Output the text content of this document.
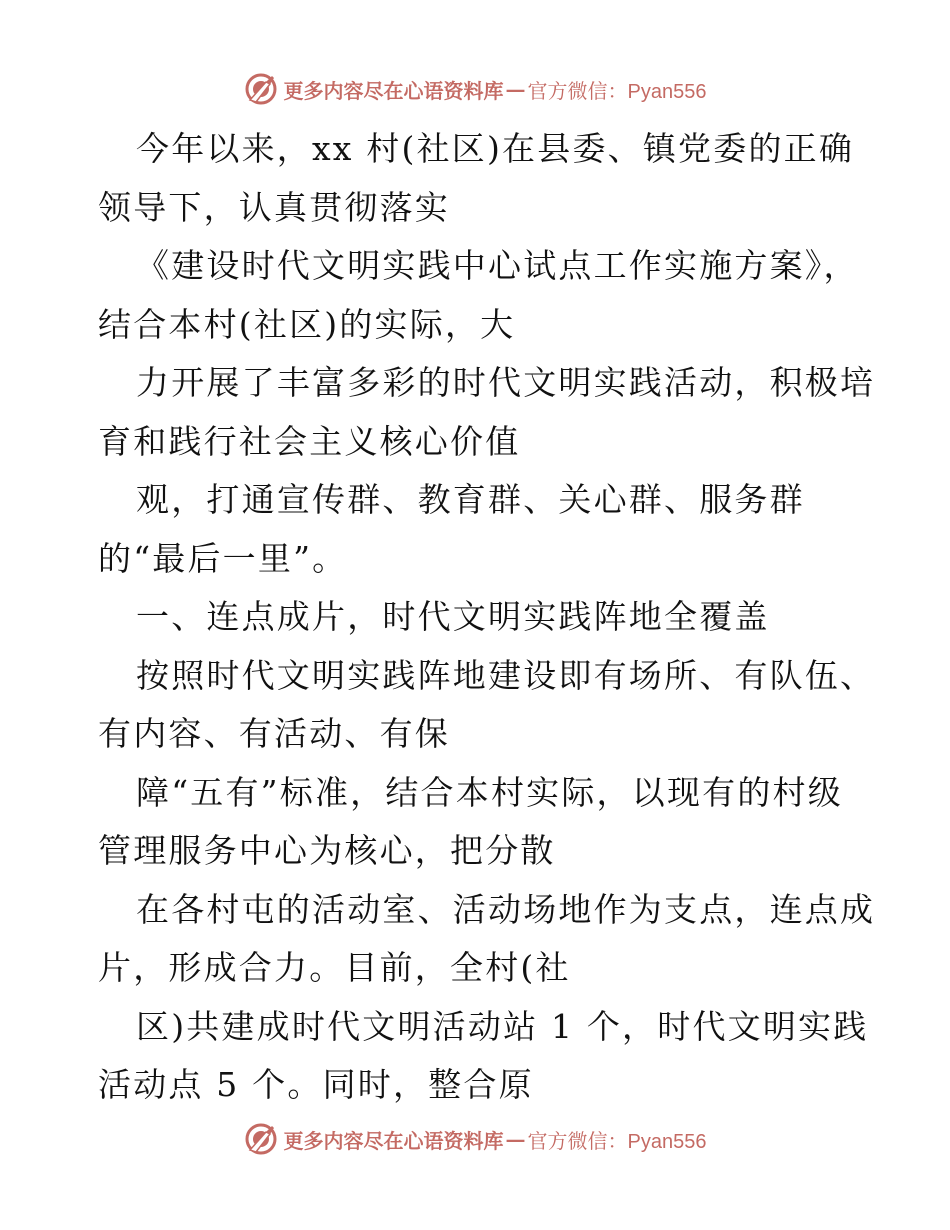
更多内容尽在心语资料库 — 官方微信：Pyan556
今年以来，xx 村(社区)在县委、镇党委的正确
领导下，认真贯彻落实
《建设时代文明实践中心试点工作实施方案》，
结合本村(社区)的实际，大
力开展了丰富多彩的时代文明实践活动，积极培
育和践行社会主义核心价值
观，打通宣传群、教育群、关心群、服务群
的“最后一里”。
一、连点成片，时代文明实践阵地全覆盖
按照时代文明实践阵地建设即有场所、有队伍、
有内容、有活动、有保
障“五有”标准，结合本村实际，以现有的村级
管理服务中心为核心，把分散
在各村屯的活动室、活动场地作为支点，连点成
片，形成合力。目前，全村(社
区)共建成时代文明活动站 1 个，时代文明实践
活动点 5 个。同时，整合原
更多内容尽在心语资料库 — 官方微信：Pyan556
